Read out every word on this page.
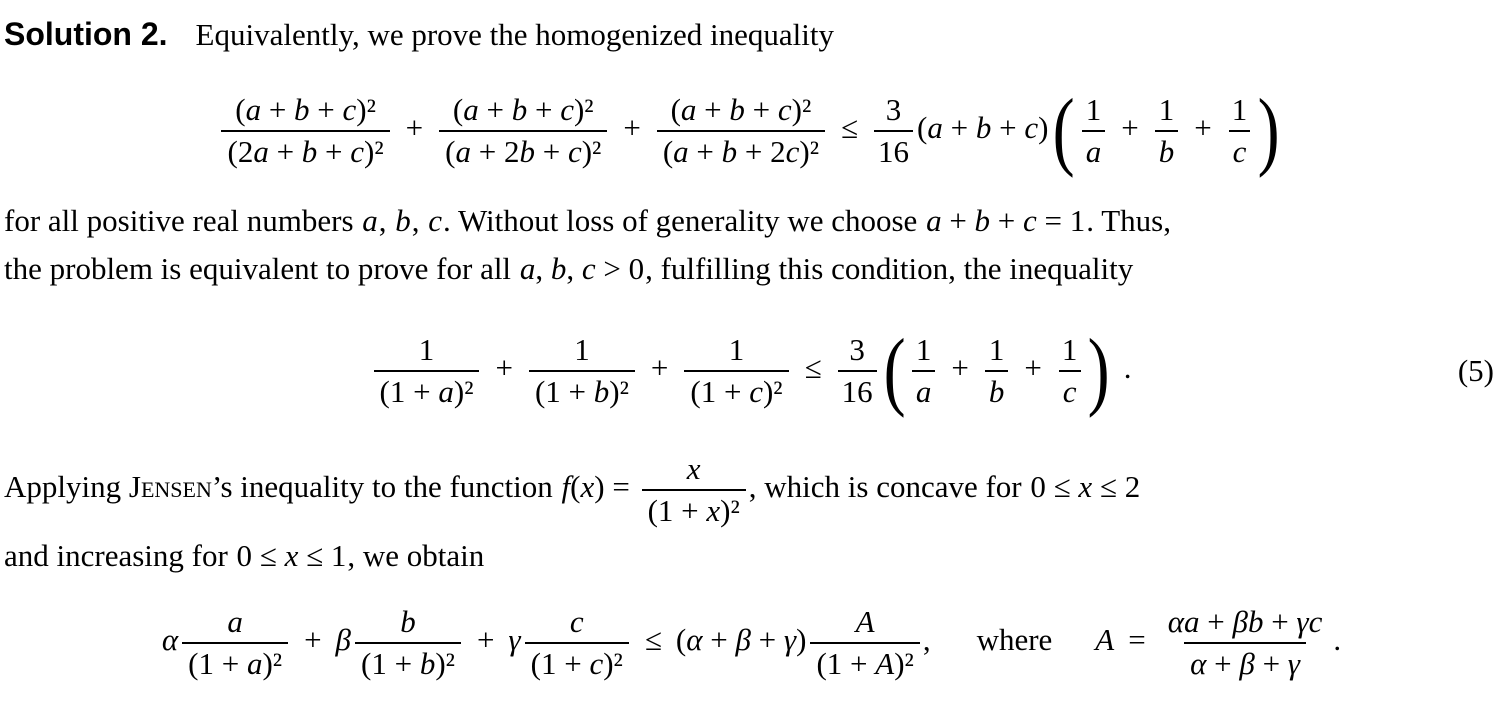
Solution 2. Equivalently, we prove the homogenized inequality
$\frac{\text{(a + b + c)²}}{\text{(2a + b + c)²}} + \frac{\text{(a + b + c)²}}{\text{(a + 2b + c)²}} + \frac{\text{(a + b + c)²}}{\text{(a + b + 2c)²}} \le \frac{3}{16} (a + b + c)( \frac{1}{a} + \frac{1}{b} + \frac{1}{c}$ )
for all positive real numbers a, b, c. Without loss of generality we choose a + b + c = 1. Thus,
the problem is equivalent to prove for all a, b, c > 0, fulfilling this condition, the inequality
$\frac{1}{\text{(1 + a)²}} + \frac{1}{\text{(1 + b)²}} + \frac{1}{\text{(1 + c)²}} \le \frac{3}{16}$ ( $\frac{1}{a} + \frac{1}{b} + \frac{1}{c}$ ) .	(5)
Applying Jensen’s inequality to the function $f(x) = \frac{x}{\text{(1 + x)²}}$ , which is concave for 0 ≤ x ≤ 2
and increasing for 0 ≤ x ≤ 1, we obtain
α $\frac{a}{\text{(1 + a)²}} + \beta \frac{b}{\text{(1 + b)²}} + \gamma \frac{c}{\text{(1 + c)²}} \le (\alpha + \beta + \gamma) \frac{A}{\text{(1 + A)²}}$ , where $A = \frac{\alpha a + \beta b + \gamma c}{\alpha + \beta + \gamma}$ .
